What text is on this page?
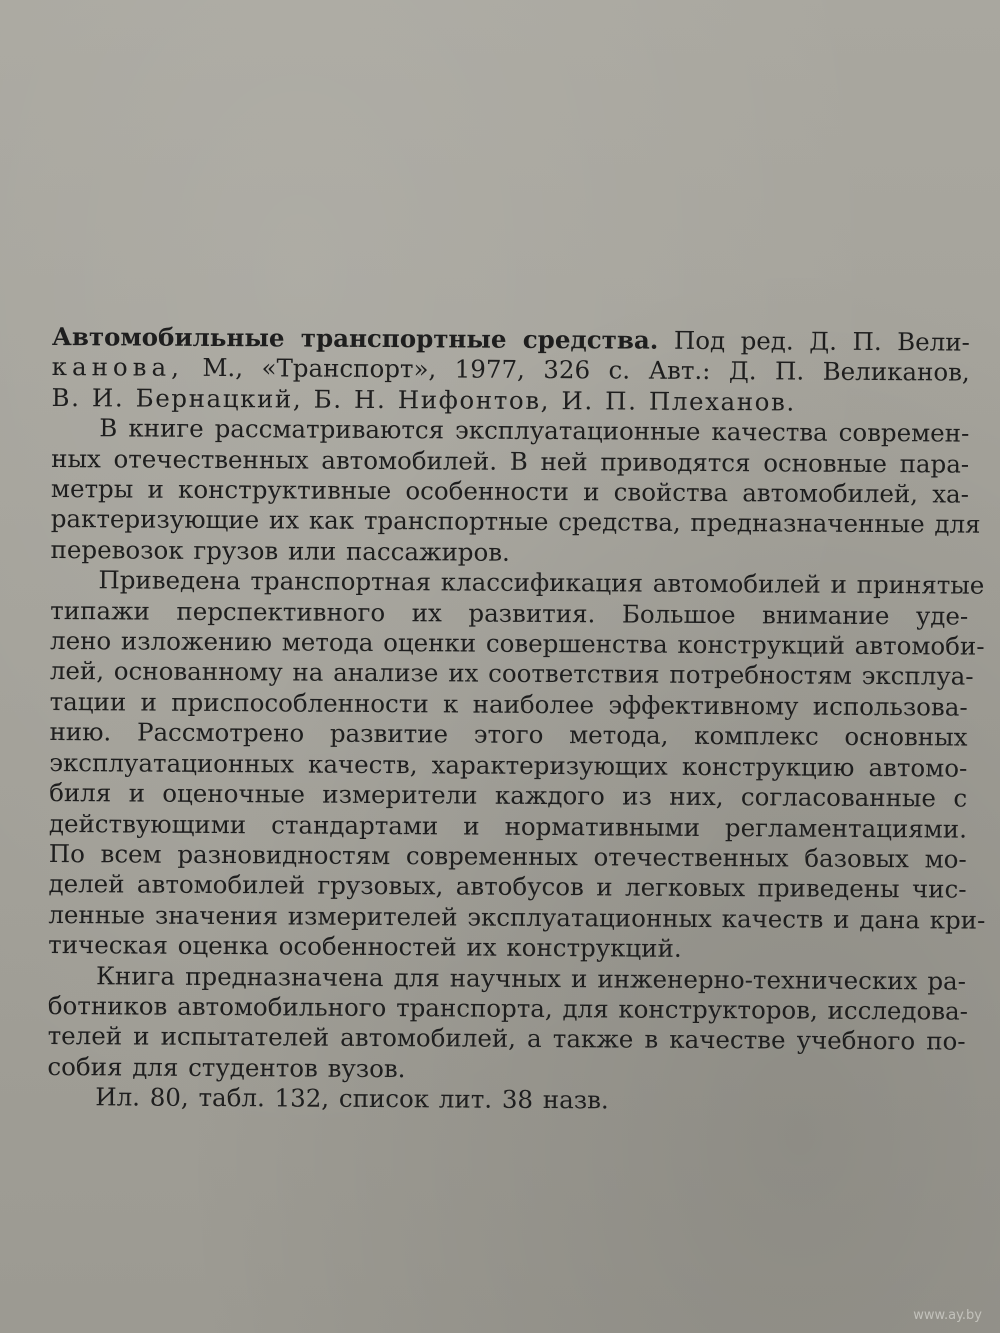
Автомобильные транспортные средства. Под ред. Д. П. Вели-
канова, М., «Транспорт», 1977, 326 с. Авт.: Д. П. Великанов,
В. И. Бернацкий, Б. Н. Нифонтов, И. П. Плеханов.
В книге рассматриваются эксплуатационные качества современ-
ных отечественных автомобилей. В ней приводятся основные пара-
метры и конструктивные особенности и свойства автомобилей, ха-
рактеризующие их как транспортные средства, предназначенные для
перевозок грузов или пассажиров.
Приведена транспортная классификация автомобилей и принятые
типажи перспективного их развития. Большое внимание уде-
лено изложению метода оценки совершенства конструкций автомоби-
лей, основанному на анализе их соответствия потребностям эксплуа-
тации и приспособленности к наиболее эффективному использова-
нию. Рассмотрено развитие этого метода, комплекс основных
эксплуатационных качеств, характеризующих конструкцию автомо-
биля и оценочные измерители каждого из них, согласованные с
действующими стандартами и нормативными регламентациями.
По всем разновидностям современных отечественных базовых мо-
делей автомобилей грузовых, автобусов и легковых приведены чис-
ленные значения измерителей эксплуатационных качеств и дана кри-
тическая оценка особенностей их конструкций.
Книга предназначена для научных и инженерно-технических ра-
ботников автомобильного транспорта, для конструкторов, исследова-
телей и испытателей автомобилей, а также в качестве учебного по-
собия для студентов вузов.
Ил. 80, табл. 132, список лит. 38 назв.
www.ay.by
